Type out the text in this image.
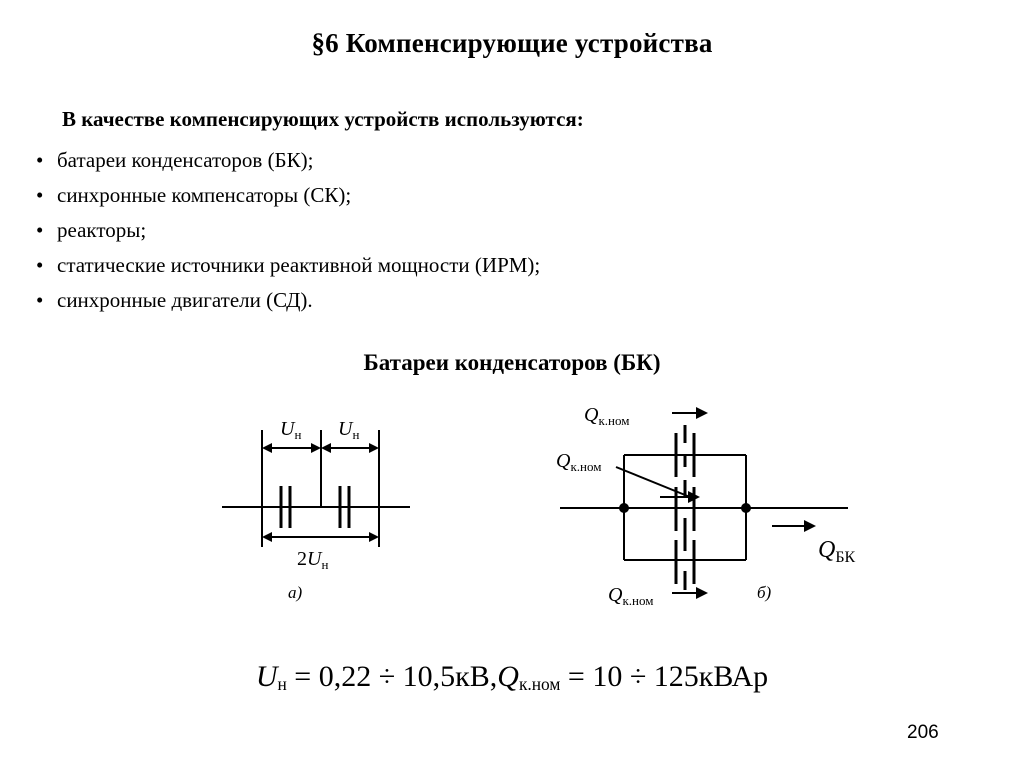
§6 Компенсирующие устройства
В качестве компенсирующих устройств используются:
• батареи конденсаторов (БК);
• синхронные компенсаторы (СК);
• реакторы;
• статические источники реактивной мощности (ИРМ);
• синхронные двигатели (СД).
Батареи конденсаторов (БК)
$U_н$ $U_н$
$2U_н$
а)
$Q_{к.ном}$
$Q_{к.ном}$
$Q_{к.ном}$
$Q_{БК}$
б)
$U_н = 0,22 \div 10,5кВ,Q_{к.ном} = 10$ ÷ 125кВАр
206
